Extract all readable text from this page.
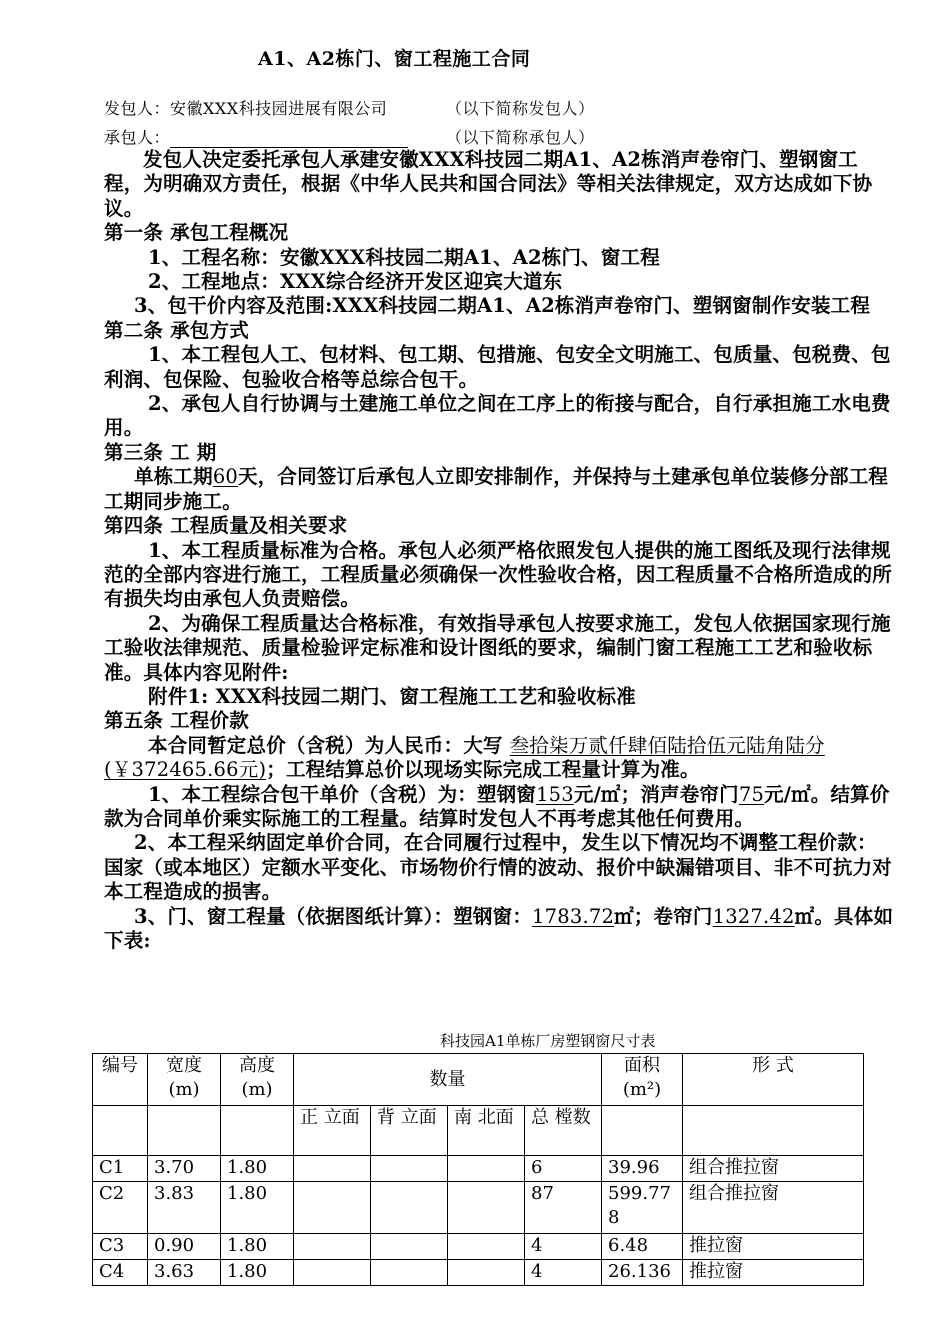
A1、A2栋门、窗工程施工合同
发包人：安徽XXX科技园进展有限公司	（以下简称发包人）
承包人：	（以下简称承包人）

发包人决定委托承包人承建安徽XXX科技园二期A1、A2栋消声卷帘门、塑钢窗工程，为明确双方责任，根据《中华人民共和国合同法》等相关法律规定，双方达成如下协议。

第一条 承包工程概况

1、工程名称：安徽XXX科技园二期A1、A2栋门、窗工程

2、工程地点：XXX综合经济开发区迎宾大道东

3、包干价内容及范围:XXX科技园二期A1、A2栋消声卷帘门、塑钢窗制作安装工程

第二条 承包方式

1、本工程包人工、包材料、包工期、包措施、包安全文明施工、包质量、包税费、包利润、包保险、包验收合格等总综合包干。

2、承包人自行协调与土建施工单位之间在工序上的衔接与配合，自行承担施工水电费用。

第三条 工 期

单栋工期60天，合同签订后承包人立即安排制作，并保持与土建承包单位装修分部工程工期同步施工。

第四条 工程质量及相关要求

1、本工程质量标准为合格。承包人必须严格依照发包人提供的施工图纸及现行法律规范的全部内容进行施工，工程质量必须确保一次性验收合格，因工程质量不合格所造成的所有损失均由承包人负责赔偿。

2、为确保工程质量达合格标准，有效指导承包人按要求施工，发包人依据国家现行施工验收法律规范、质量检验评定标准和设计图纸的要求，编制门窗工程施工工艺和验收标准。具体内容见附件:

附件1: XXX科技园二期门、窗工程施工工艺和验收标准

第五条 工程价款

本合同暂定总价（含税）为人民币：大写 叁拾柒万贰仟肆佰陆拾伍元陆角陆分(￥372465.66元)；工程结算总价以现场实际完成工程量计算为准。

1、本工程综合包干单价（含税）为：塑钢窗153元/㎡；消声卷帘门75元/㎡。结算价款为合同单价乘实际施工的工程量。结算时发包人不再考虑其他任何费用。

2、本工程采纳固定单价合同，在合同履行过程中，发生以下情况均不调整工程价款：国家（或本地区）定额水平变化、市场物价行情的波动、报价中缺漏错项目、非不可抗力对本工程造成的损害。

3、门、窗工程量（依据图纸计算）：塑钢窗：1783.72㎡；卷帘门1327.42㎡。具体如下表:

科技园A1单栋厂房塑钢窗尺寸表
编号	宽度(m)	高度(m)	数量				面积(m²)	形 式
			正 立面	背 立面	南 北面	总 樘数		
C1	3.70	1.80				6	39.96	组合推拉窗
C2	3.83	1.80				87	599.778	组合推拉窗
C3	0.90	1.80				4	6.48	推拉窗
C4	3.63	1.80				4	26.136	推拉窗
